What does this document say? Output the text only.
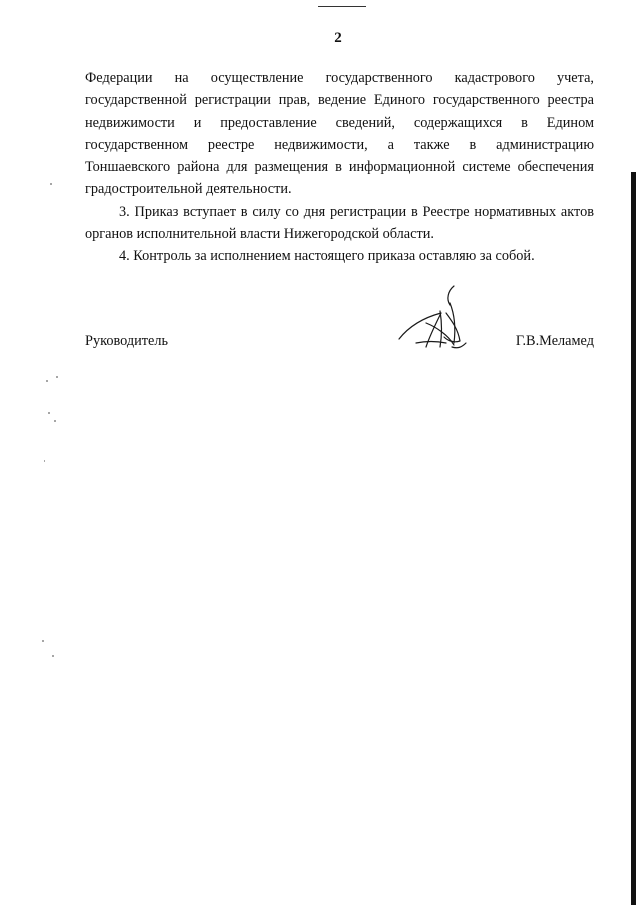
2
Федерации на осуществление государственного кадастрового учета,
государственной регистрации прав, ведение Единого государственного реестра
недвижимости и предоставление сведений, содержащихся в Едином
государственном реестре недвижимости, а также в администрацию
Тоншаевского района для размещения в информационной системе обеспечения
градостроительной деятельности.
3. Приказ вступает в силу со дня регистрации в Реестре нормативных актов
органов исполнительной власти Нижегородской области.
4. Контроль за исполнением настоящего приказа оставляю за собой.
Руководитель	Г.В.Меламед
